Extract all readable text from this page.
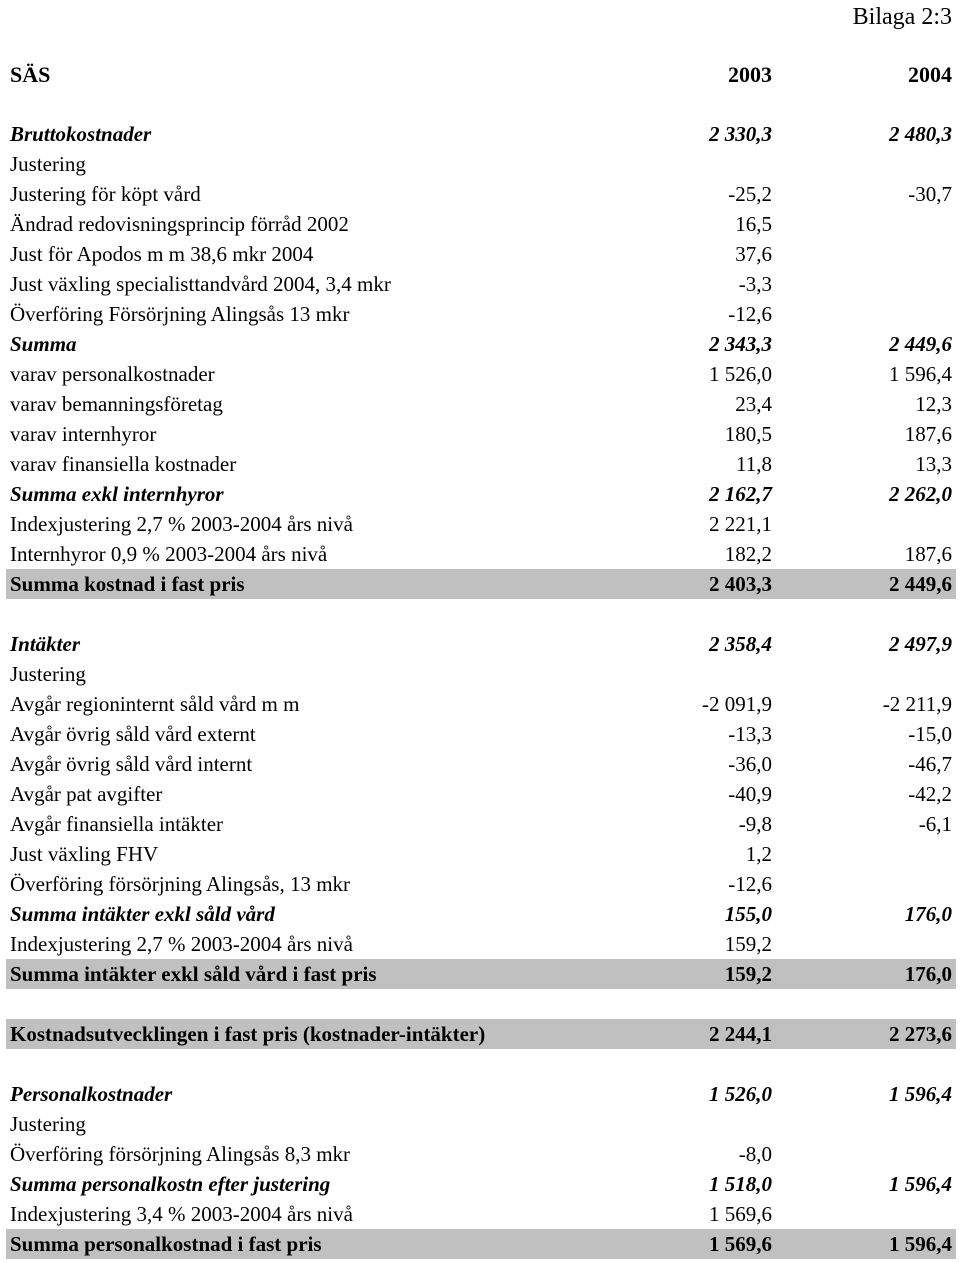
Bilaga 2:3
SÄS	2003	2004
Bruttokostnader	2 330,3	2 480,3
Justering
Justering för köpt vård	-25,2	-30,7
Ändrad redovisningsprincip förråd 2002	16,5
Just för Apodos m m 38,6 mkr 2004	37,6
Just växling specialisttandvård 2004, 3,4 mkr	-3,3
Överföring Försörjning Alingsås 13 mkr	-12,6
Summa	2 343,3	2 449,6
varav personalkostnader	1 526,0	1 596,4
varav bemanningsföretag	23,4	12,3
varav internhyror	180,5	187,6
varav finansiella kostnader	11,8	13,3
Summa exkl internhyror	2 162,7	2 262,0
Indexjustering 2,7 % 2003-2004 års nivå	2 221,1
Internhyror 0,9 % 2003-2004 års nivå	182,2	187,6
Summa kostnad i fast pris	2 403,3	2 449,6
Intäkter	2 358,4	2 497,9
Justering
Avgår regioninternt såld vård m m	-2 091,9	-2 211,9
Avgår övrig såld vård externt	-13,3	-15,0
Avgår övrig såld vård internt	-36,0	-46,7
Avgår pat avgifter	-40,9	-42,2
Avgår finansiella intäkter	-9,8	-6,1
Just växling FHV	1,2
Överföring försörjning Alingsås, 13 mkr	-12,6
Summa intäkter exkl såld vård	155,0	176,0
Indexjustering 2,7 % 2003-2004 års nivå	159,2
Summa intäkter exkl såld vård i fast pris	159,2	176,0
Kostnadsutvecklingen i fast pris (kostnader-intäkter)	2 244,1	2 273,6
Personalkostnader	1 526,0	1 596,4
Justering
Överföring försörjning Alingsås 8,3 mkr	-8,0
Summa personalkostn efter justering	1 518,0	1 596,4
Indexjustering 3,4 % 2003-2004 års nivå	1 569,6
Summa personalkostnad i fast pris	1 569,6	1 596,4
